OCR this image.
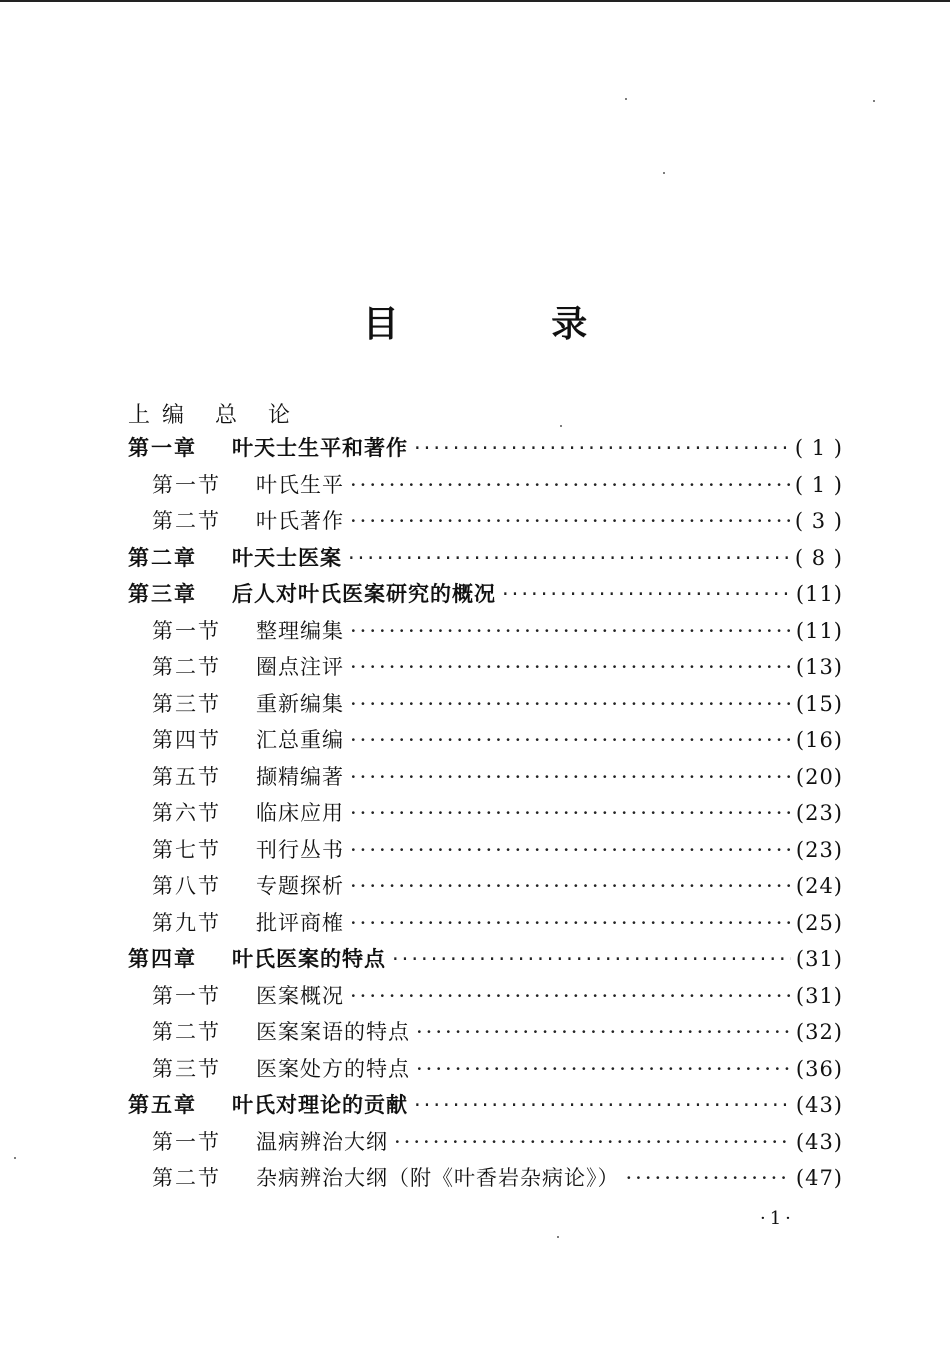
目 录
上编 总 论
第一章	叶天士生平和著作 ·····	( 1 )
第一节	叶氏生平 ·····	( 1 )
第二节	叶氏著作 ·····	( 3 )
第二章	叶天士医案 ·····	( 8 )
第三章	后人对叶氏医案研究的概况 ·····	(11)
第一节	整理编集 ·····	(11)
第二节	圈点注评 ·····	(13)
第三节	重新编集 ·····	(15)
第四节	汇总重编 ·····	(16)
第五节	撷精编著 ·····	(20)
第六节	临床应用 ·····	(23)
第七节	刊行丛书 ·····	(23)
第八节	专题探析 ·····	(24)
第九节	批评商榷 ·····	(25)
第四章	叶氏医案的特点 ·····	(31)
第一节	医案概况 ·····	(31)
第二节	医案案语的特点 ·····	(32)
第三节	医案处方的特点 ·····	(36)
第五章	叶氏对理论的贡献 ·····	(43)
第一节	温病辨治大纲 ·····	(43)
第二节	杂病辨治大纲（附《叶香岩杂病论》） ·····	(47)
·1·
